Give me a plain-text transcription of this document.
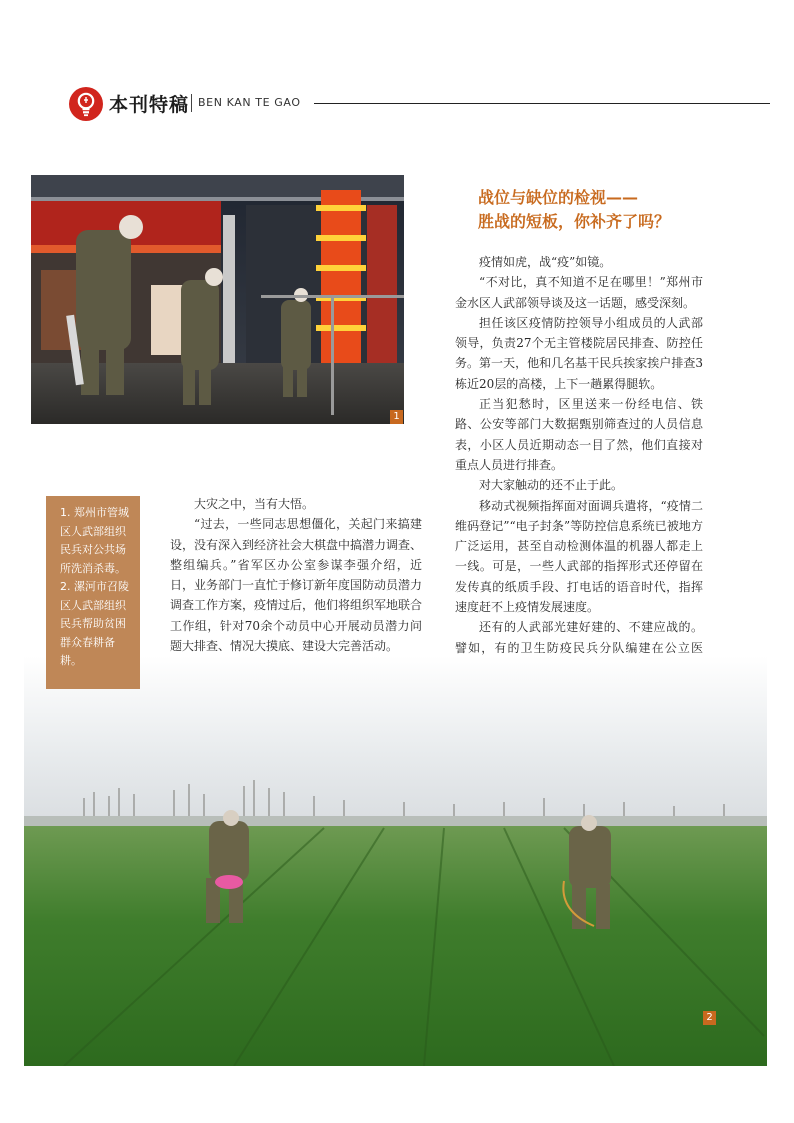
本刊特稿 BEN KAN TE GAO
1
战位与缺位的检视——
胜战的短板，你补齐了吗？

疫情如虎，战“疫”如镜。

“不对比，真不知道不足在哪里！”郑州市金水区人武部领导谈及这一话题，感受深刻。

担任该区疫情防控领导小组成员的人武部领导，负责27个无主管楼院居民排查、防控任务。第一天，他和几名基干民兵挨家挨户排查3栋近20层的高楼，上下一趟累得腿软。

正当犯愁时，区里送来一份经电信、铁路、公安等部门大数据甄别筛查过的人员信息表，小区人员近期动态一目了然，他们直接对重点人员进行排查。

对大家触动的还不止于此。

移动式视频指挥面对面调兵遣将，“疫情二维码登记”“电子封条”等防控信息系统已被地方广泛运用，甚至自动检测体温的机器人都走上一线。可是，一些人武部的指挥形式还停留在发传真的纸质手段、打电话的语音时代，指挥速度赶不上疫情发展速度。

还有的人武部光建好建的、不建应战的。譬如，有的卫生防疫民兵分队编建在公立医

2

1. 郑州市管城区人武部组织民兵对公共场所洗消杀毒。

2. 漯河市召陵区人武部组织民兵帮助贫困群众春耕备耕。

大灾之中，当有大悟。

“过去，一些同志思想僵化，关起门来搞建设，没有深入到经济社会大棋盘中搞潜力调查、整组编兵。”省军区办公室参谋李强介绍，近日，业务部门一直忙于修订新年度国防动员潜力调查工作方案，疫情过后，他们将组织军地联合工作组，针对70余个动员中心开展动员潜力问题大排查、情况大摸底、建设大完善活动。
